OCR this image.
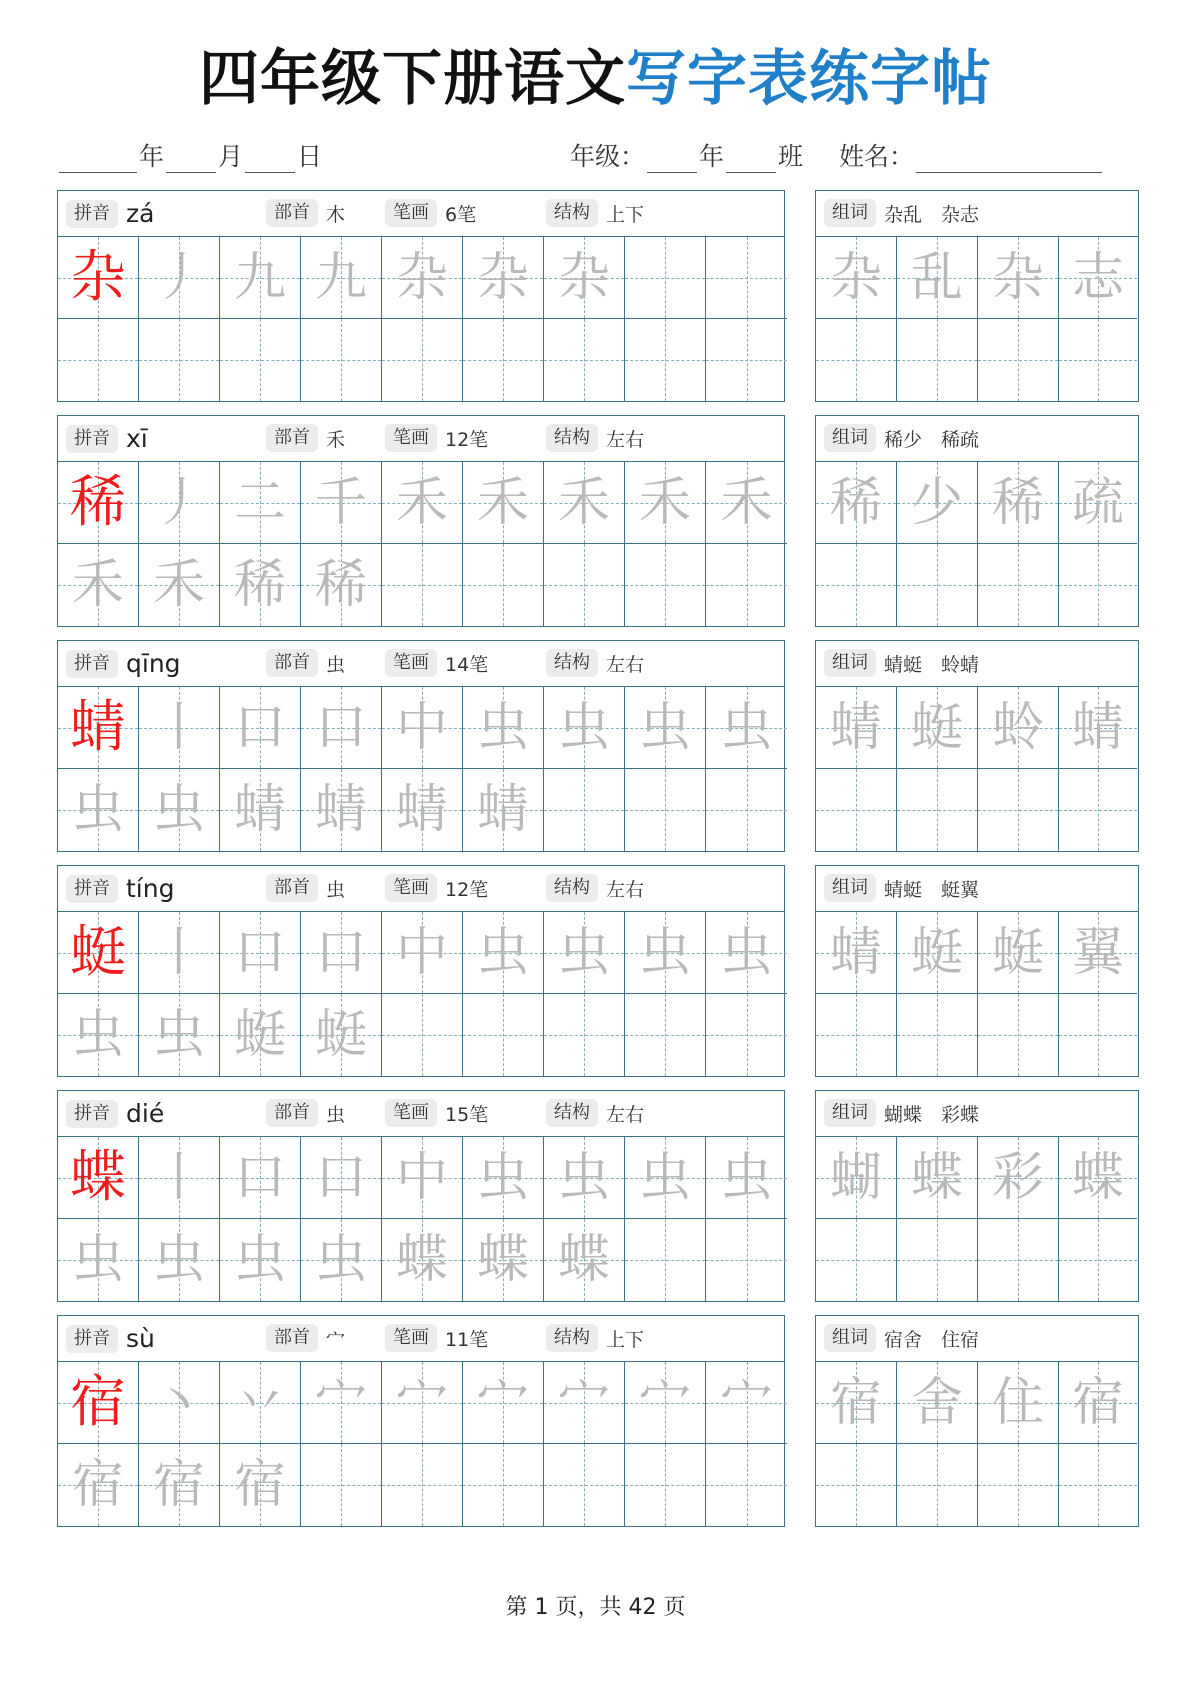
四年级下册语文写字表练字帖
年 月 日	年级： 年 班 姓名：
拼音 zá	部首 木	笔画 6笔	结构 上下
杂 丿 九 九 杂 杂 杂
组词 杂乱　杂志
杂 乱 杂 志
拼音 xī	部首 禾	笔画 12笔	结构 左右
稀 丿 二 千 禾 禾 禾 禾 禾
禾 禾 稀 稀
组词 稀少　稀疏
稀 少 稀 疏
拼音 qīng	部首 虫	笔画 14笔	结构 左右
蜻 丨 口 口 中 虫 虫 虫 虫
虫 虫 蜻 蜻 蜻 蜻
组词 蜻蜓　蛉蜻
蜻 蜓 蛉 蜻
拼音 tíng	部首 虫	笔画 12笔	结构 左右
蜓 丨 口 口 中 虫 虫 虫 虫
虫 虫 蜓 蜓
组词 蜻蜓　蜓翼
蜻 蜓 蜓 翼
拼音 dié	部首 虫	笔画 15笔	结构 左右
蝶 丨 口 口 中 虫 虫 虫 虫
虫 虫 虫 虫 蝶 蝶 蝶
组词 蝴蝶　彩蝶
蝴 蝶 彩 蝶
拼音 sù	部首 宀	笔画 11笔	结构 上下
宿 丶 丷 宀 宀 宀 宀 宀 宀
宿 宿 宿
组词 宿舍　住宿
宿 舍 住 宿
第 1 页，共 42 页
